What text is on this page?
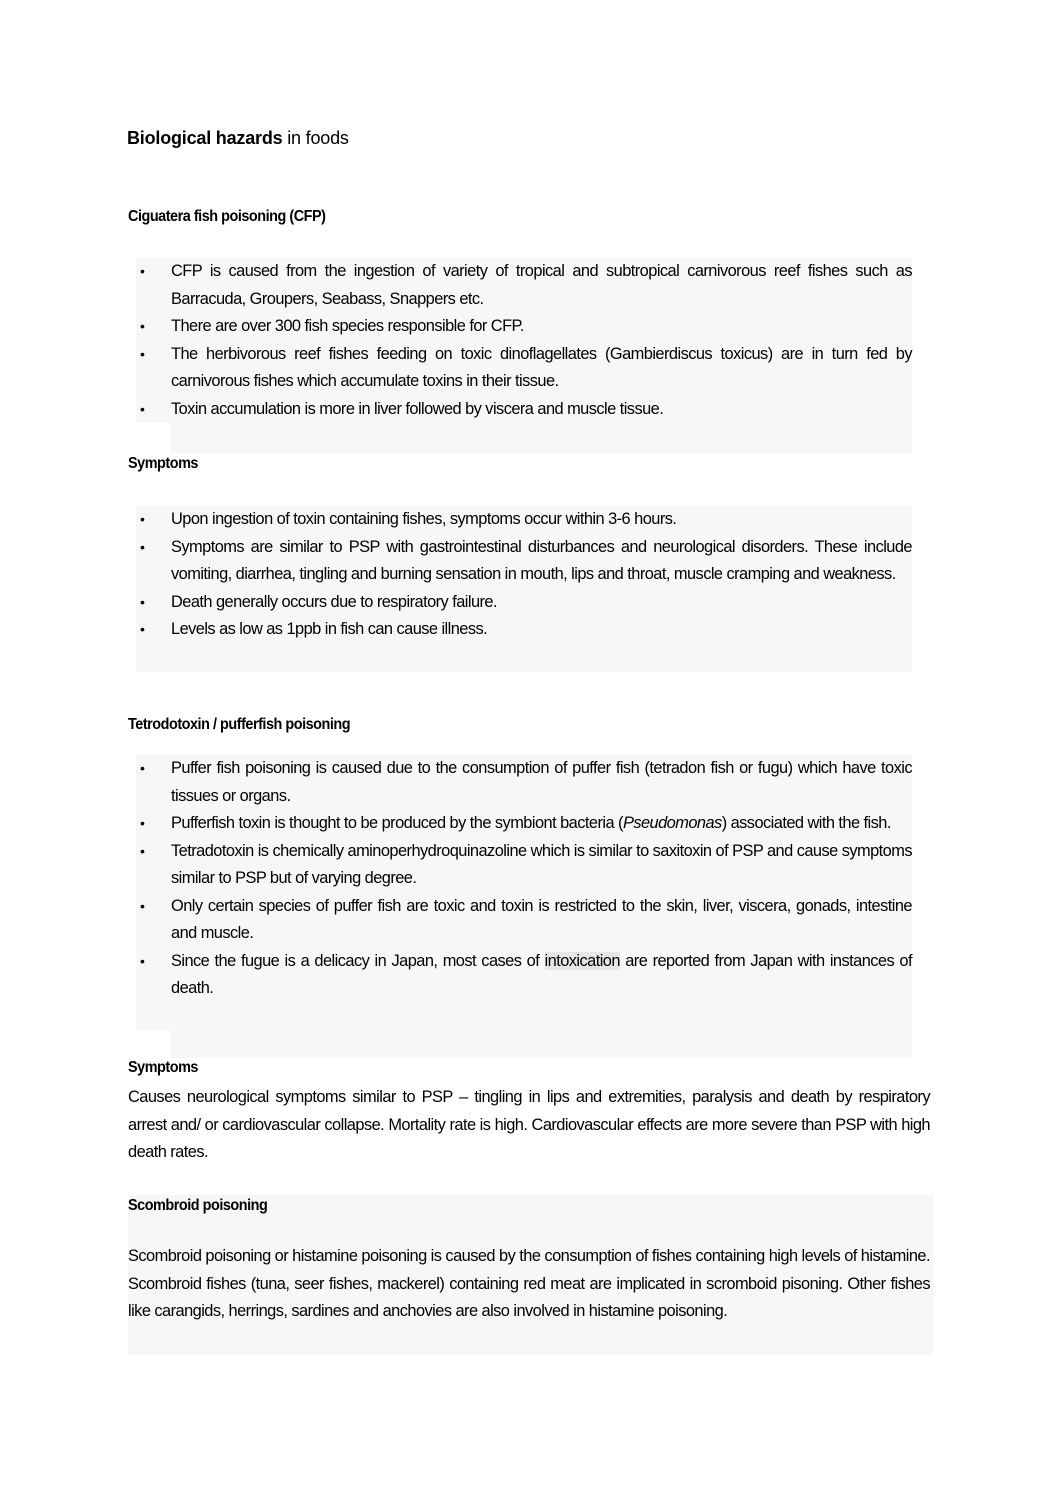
Biological hazards in foods
Ciguatera fish poisoning (CFP)
• CFP is caused from the ingestion of variety of tropical and subtropical carnivorous reef fishes such as Barracuda, Groupers, Seabass, Snappers etc.
• There are over 300 fish species responsible for CFP.
• The herbivorous reef fishes feeding on toxic dinoflagellates (Gambierdiscus toxicus) are in turn fed by carnivorous fishes which accumulate toxins in their tissue.
• Toxin accumulation is more in liver followed by viscera and muscle tissue.
Symptoms
• Upon ingestion of toxin containing fishes, symptoms occur within 3-6 hours.
• Symptoms are similar to PSP with gastrointestinal disturbances and neurological disorders. These include vomiting, diarrhea, tingling and burning sensation in mouth, lips and throat, muscle cramping and weakness.
• Death generally occurs due to respiratory failure.
• Levels as low as 1ppb in fish can cause illness.
Tetrodotoxin / pufferfish poisoning
• Puffer fish poisoning is caused due to the consumption of puffer fish (tetradon fish or fugu) which have toxic tissues or organs.
• Pufferfish toxin is thought to be produced by the symbiont bacteria (Pseudomonas) associated with the fish.
• Tetradotoxin is chemically aminoperhydroquinazoline which is similar to saxitoxin of PSP and cause symptoms similar to PSP but of varying degree.
• Only certain species of puffer fish are toxic and toxin is restricted to the skin, liver, viscera, gonads, intestine and muscle.
• Since the fugue is a delicacy in Japan, most cases of intoxication are reported from Japan with instances of death.
Symptoms

Causes neurological symptoms similar to PSP – tingling in lips and extremities, paralysis and death by respiratory arrest and/ or cardiovascular collapse. Mortality rate is high. Cardiovascular effects are more severe than PSP with high death rates.

Scombroid poisoning

Scombroid poisoning or histamine poisoning is caused by the consumption of fishes containing high levels of histamine. Scombroid fishes (tuna, seer fishes, mackerel) containing red meat are implicated in scromboid pisoning. Other fishes like carangids, herrings, sardines and anchovies are also involved in histamine poisoning.
